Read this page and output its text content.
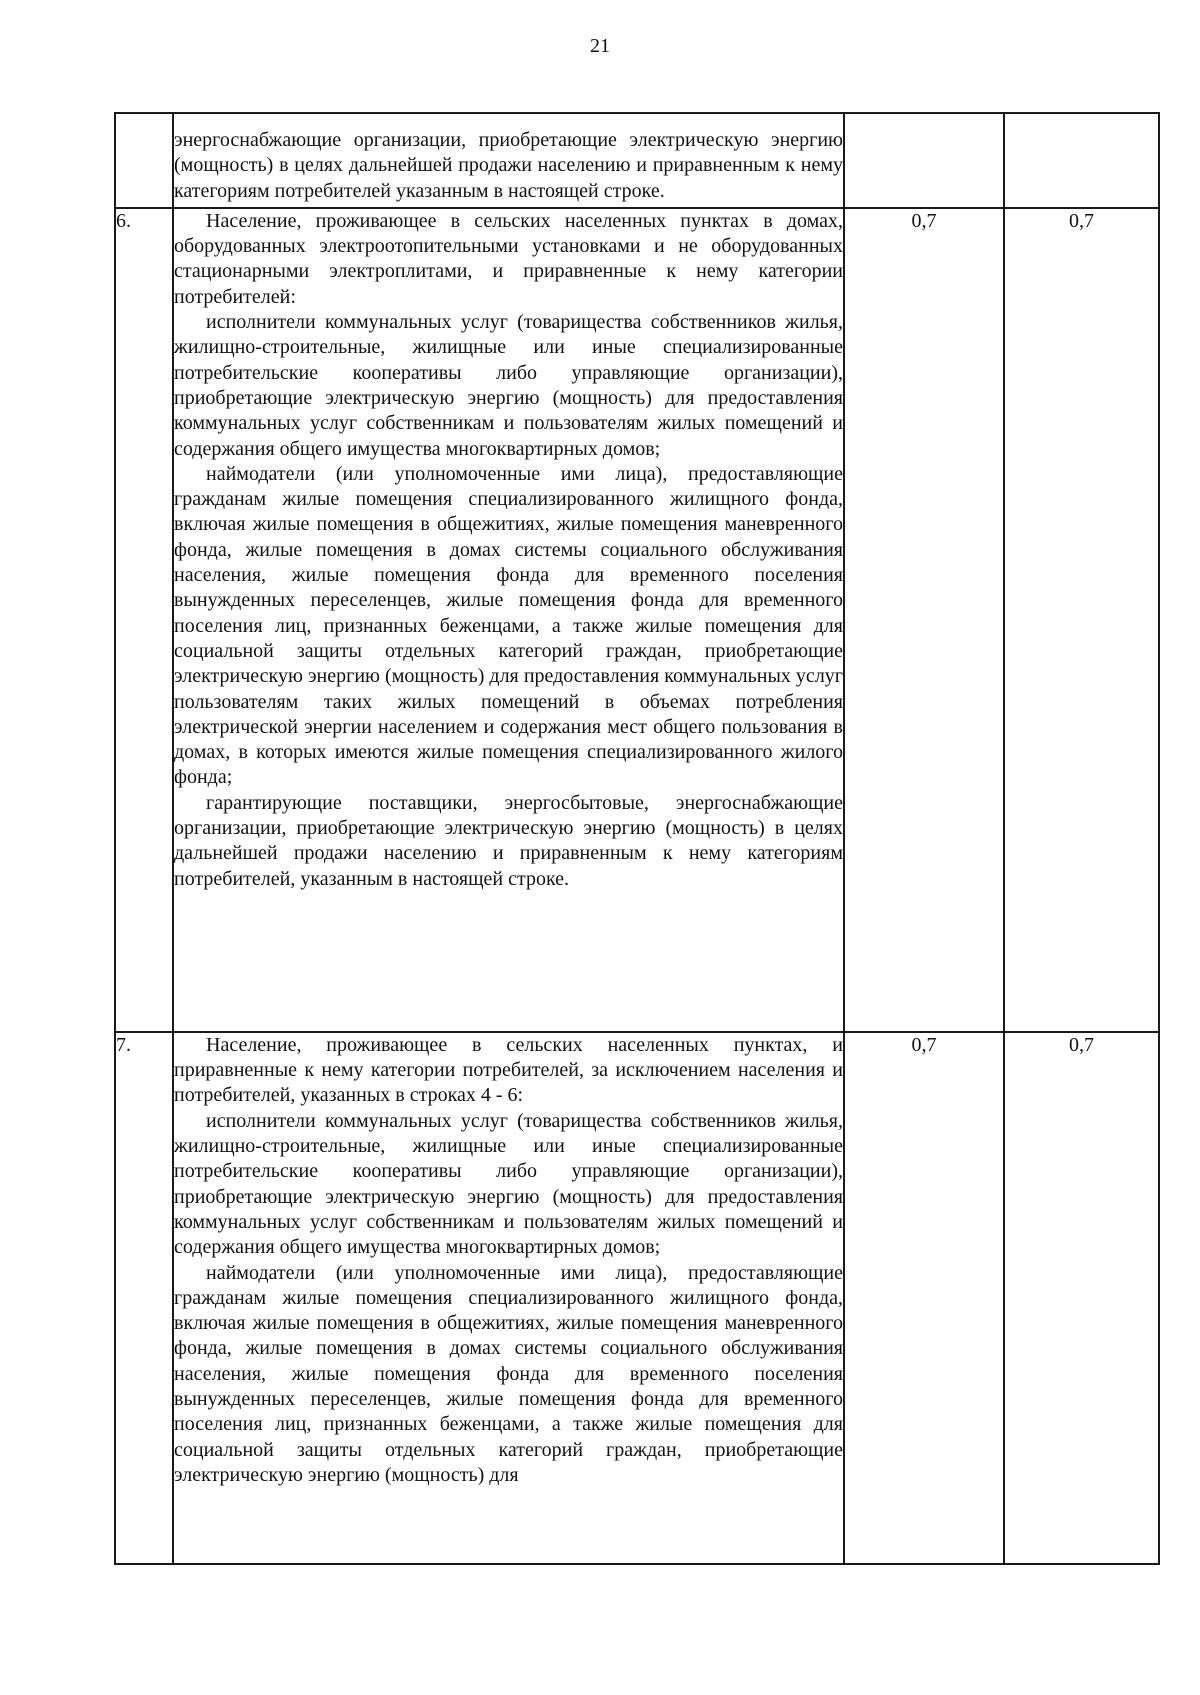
21

	энергоснабжающие организации, приобретающие электрическую энергию (мощность) в целях дальнейшей продажи населению и приравненным к нему категориям потребителей указанным в настоящей строке.		

6.	Население, проживающее в сельских населенных пунктах в домах, оборудованных электроотопительными установками и не оборудованных стационарными электроплитами, и приравненные к нему категории потребителей:

исполнители коммунальных услуг (товарищества собственников жилья, жилищно-строительные, жилищные или иные специализированные потребительские кооперативы либо управляющие организации), приобретающие электрическую энергию (мощность) для предоставления коммунальных услуг собственникам и пользователям жилых помещений и содержания общего имущества многоквартирных домов;

наймодатели (или уполномоченные ими лица), предоставляющие гражданам жилые помещения специализированного жилищного фонда, включая жилые помещения в общежитиях, жилые помещения маневренного фонда, жилые помещения в домах системы социального обслуживания населения, жилые помещения фонда для временного поселения вынужденных переселенцев, жилые помещения фонда для временного поселения лиц, признанных беженцами, а также жилые помещения для социальной защиты отдельных категорий граждан, приобретающие электрическую энергию (мощность) для предоставления коммунальных услуг пользователям таких жилых помещений в объемах потребления электрической энергии населением и содержания мест общего пользования в домах, в которых имеются жилые помещения специализированного жилого фонда;

гарантирующие поставщики, энергосбытовые, энергоснабжающие организации, приобретающие электрическую энергию (мощность) в целях дальнейшей продажи населению и приравненным к нему категориям потребителей, указанным в настоящей строке.	0,7	0,7
7.	Население, проживающее в сельских населенных пунктах, и приравненные к нему категории потребителей, за исключением населения и потребителей, указанных в строках 4 - 6:

исполнители коммунальных услуг (товарищества собственников жилья, жилищно-строительные, жилищные или иные специализированные потребительские кооперативы либо управляющие организации), приобретающие электрическую энергию (мощность) для предоставления коммунальных услуг собственникам и пользователям жилых помещений и содержания общего имущества многоквартирных домов;

наймодатели (или уполномоченные ими лица), предоставляющие гражданам жилые помещения специализированного жилищного фонда, включая жилые помещения в общежитиях, жилые помещения маневренного фонда, жилые помещения в домах системы социального обслуживания населения, жилые помещения фонда для временного поселения вынужденных переселенцев, жилые помещения фонда для временного поселения лиц, признанных беженцами, а также жилые помещения для социальной защиты отдельных категорий граждан, приобретающие электрическую энергию (мощность) для	0,7	0,7
